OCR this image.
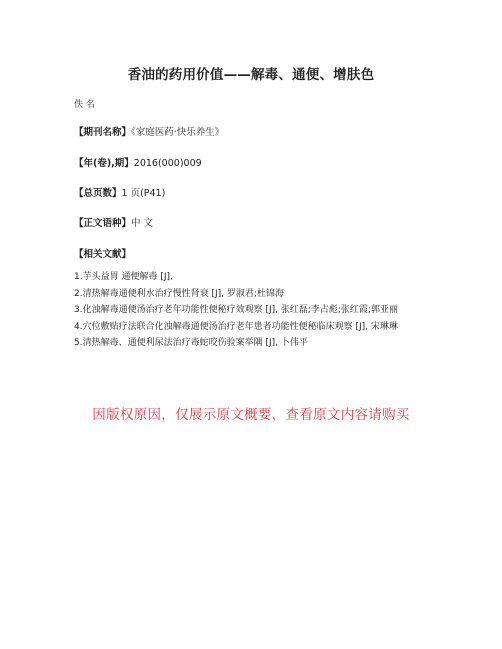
香油的药用价值——解毒、通便、增肤色
佚 名
【期刊名称】《家庭医药·快乐养生》
【年(卷),期】2016(000)009
【总页数】1 页(P41)
【正文语种】中 文
【相关文献】
1.芋头益胃 通便解毒 [J],
2.清热解毒通便利水治疗慢性肾衰 [J], 罗淑君;杜锦海
3.化浊解毒通便汤治疗老年功能性便秘疗效观察 [J], 张红磊;李占彪;张红霞;郭亚丽
4.穴位敷贴疗法联合化浊解毒通便汤治疗老年患者功能性便秘临床观察 [J], 宋琳琳
5.清热解毒、通便利尿法治疗毒蛇咬伤验案举隅 [J], 卜伟平
因版权原因，仅展示原文概要，查看原文内容请购买
